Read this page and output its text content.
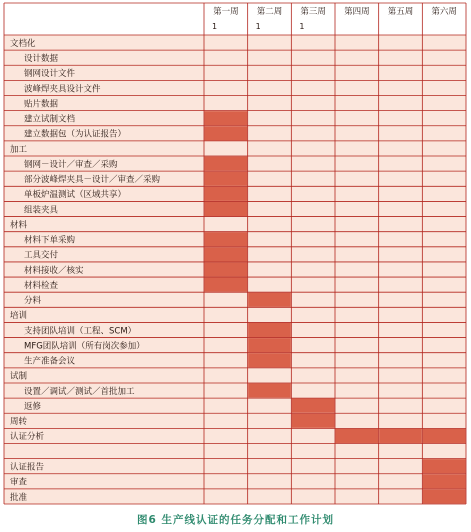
第一周
1
第二周
1
第三周
1
第四周 第五周 第六周
文档化
设计数据
钢网设计文件
波峰焊夹具设计文件
贴片数据
建立试制文档
建立数据包（为认证报告）
加工
钢网－设计／审查／采购
部分波峰焊夹具－设计／审查／采购
单板炉温测试（区域共享）
组装夹具
材料
材料下单采购
工具交付
材料接收／核实
材料检查
分料
培训
支持团队培训（工程、SCM）
MFG团队培训（所有岗次参加）
生产准备会议
试制
设置／调试／测试／首批加工
返修
周转
认证分析
认证报告
审查
批准
图6 生产线认证的任务分配和工作计划
